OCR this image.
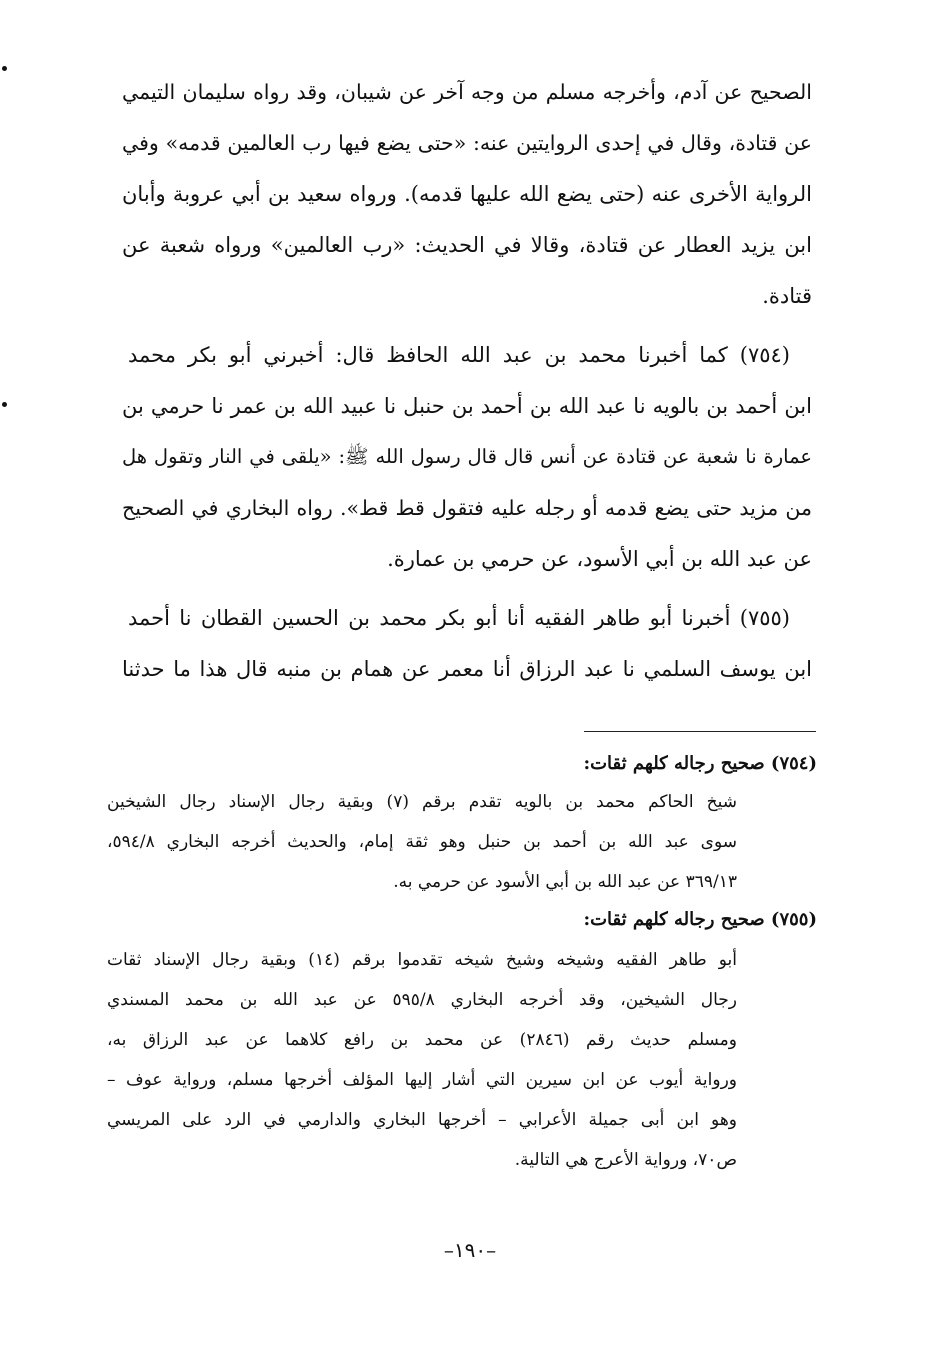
الصحيح عن آدم، وأخرجه مسلم من وجه آخر عن شيبان، وقد رواه سليمان التيمي
عن قتادة، وقال في إحدى الروايتين عنه: «حتى يضع فيها رب العالمين قدمه» وفي
الرواية الأخرى عنه (حتى يضع الله عليها قدمه). ورواه سعيد بن أبي عروبة وأبان
ابن يزيد العطار عن قتادة، وقالا في الحديث: «رب العالمين» ورواه شعبة عن
قتادة.
(٧٥٤) كما أخبرنا محمد بن عبد الله الحافظ قال: أخبرني أبو بكر محمد
ابن أحمد بن بالويه نا عبد الله بن أحمد بن حنبل نا عبيد الله بن عمر نا حرمي بن
عمارة نا شعبة عن قتادة عن أنس قال قال رسول الله ﷺ: «يلقى في النار وتقول هل
من مزيد حتى يضع قدمه أو رجله عليه فتقول قط قط». رواه البخاري في الصحيح
عن عبد الله بن أبي الأسود، عن حرمي بن عمارة.
(٧٥٥) أخبرنا أبو طاهر الفقيه أنا أبو بكر محمد بن الحسين القطان نا أحمد
ابن يوسف السلمي نا عبد الرزاق أنا معمر عن همام بن منبه قال هذا ما حدثنا
(٧٥٤) صحيح رجاله كلهم ثقات:
شيخ الحاكم محمد بن بالويه تقدم برقم (٧) وبقية رجال الإسناد رجال الشيخين
سوى عبد الله بن أحمد بن حنبل وهو ثقة إمام، والحديث أخرجه البخاري ٥٩٤/٨،
٣٦٩/١٣ عن عبد الله بن أبي الأسود عن حرمي به.
(٧٥٥) صحيح رجاله كلهم ثقات:
أبو طاهر الفقيه وشيخه وشيخ شيخه تقدموا برقم (١٤) وبقية رجال الإسناد ثقات
رجال الشيخين، وقد أخرجه البخاري ٥٩٥/٨ عن عبد الله بن محمد المسندي
ومسلم حديث رقم (٢٨٤٦) عن محمد بن رافع كلاهما عن عبد الرزاق به،
ورواية أيوب عن ابن سيرين التي أشار إليها المؤلف أخرجها مسلم، ورواية عوف –
وهو ابن أبى جميلة الأعرابي – أخرجها البخاري والدارمي في الرد على المريسي
ص٧٠، ورواية الأعرج هي التالية.
–١٩٠–
